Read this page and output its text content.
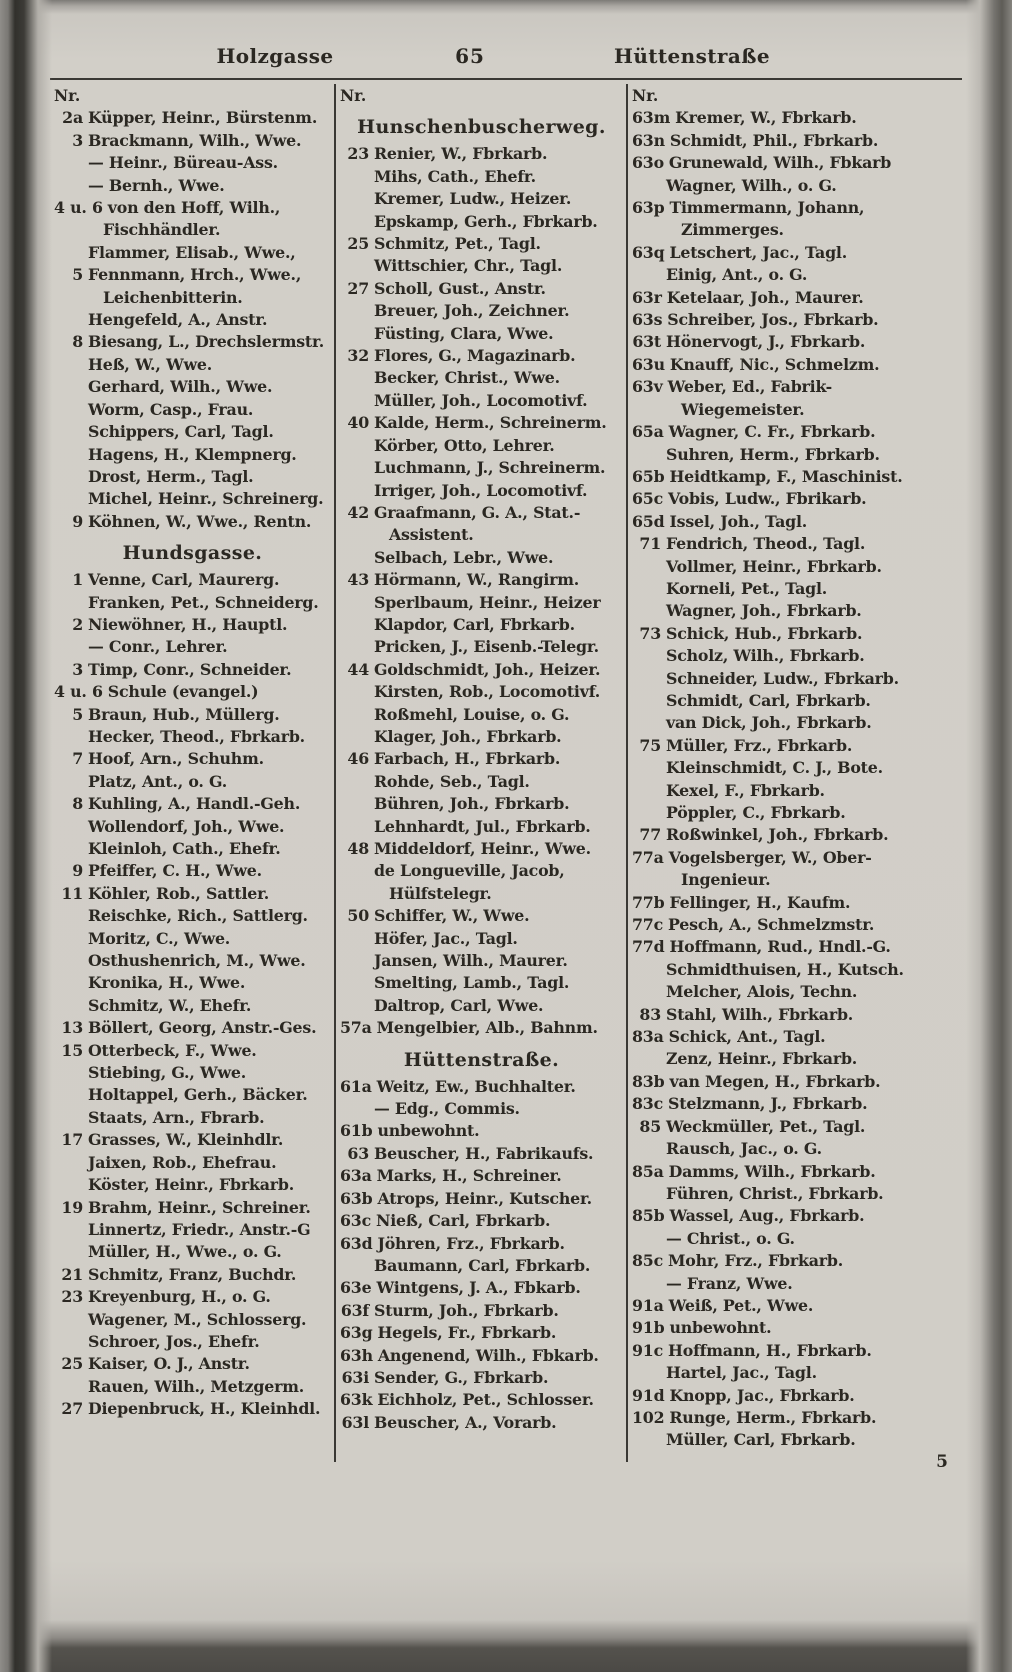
Holzgasse	65	Hüttenstraße
Nr.
2a Küpper, Heinr., Bürstenm.
3 Brackmann, Wilh., Wwe.
— Heinr., Büreau-Ass.
— Bernh., Wwe.
4 u. 6 von den Hoff, Wilh.,
Fischhändler.
Flammer, Elisab., Wwe.,
5 Fennmann, Hrch., Wwe.,
Leichenbitterin.
Hengefeld, A., Anstr.
8 Biesang, L., Drechslermstr.
Heß, W., Wwe.
Gerhard, Wilh., Wwe.
Worm, Casp., Frau.
Schippers, Carl, Tagl.
Hagens, H., Klempnerg.
Drost, Herm., Tagl.
Michel, Heinr., Schreinerg.
9 Köhnen, W., Wwe., Rentn.
Hundsgasse.
1 Venne, Carl, Maurerg.
Franken, Pet., Schneiderg.
2 Niewöhner, H., Hauptl.
— Conr., Lehrer.
3 Timp, Conr., Schneider.
4 u. 6 Schule (evangel.)
5 Braun, Hub., Müllerg.
Hecker, Theod., Fbrkarb.
7 Hoof, Arn., Schuhm.
Platz, Ant., o. G.
8 Kuhling, A., Handl.-Geh.
Wollendorf, Joh., Wwe.
Kleinloh, Cath., Ehefr.
9 Pfeiffer, C. H., Wwe.
11 Köhler, Rob., Sattler.
Reischke, Rich., Sattlerg.
Moritz, C., Wwe.
Osthushenrich, M., Wwe.
Kronika, H., Wwe.
Schmitz, W., Ehefr.
13 Böllert, Georg, Anstr.-Ges.
15 Otterbeck, F., Wwe.
Stiebing, G., Wwe.
Holtappel, Gerh., Bäcker.
Staats, Arn., Fbrarb.
17 Grasses, W., Kleinhdlr.
Jaixen, Rob., Ehefrau.
Köster, Heinr., Fbrkarb.
19 Brahm, Heinr., Schreiner.
Linnertz, Friedr., Anstr.-G
Müller, H., Wwe., o. G.
21 Schmitz, Franz, Buchdr.
23 Kreyenburg, H., o. G.
Wagener, M., Schlosserg.
Schroer, Jos., Ehefr.
25 Kaiser, O. J., Anstr.
Rauen, Wilh., Metzgerm.
27 Diepenbruck, H., Kleinhdl.
Nr.
Hunschenbuscherweg.
23 Renier, W., Fbrkarb.
Mihs, Cath., Ehefr.
Kremer, Ludw., Heizer.
Epskamp, Gerh., Fbrkarb.
25 Schmitz, Pet., Tagl.
Wittschier, Chr., Tagl.
27 Scholl, Gust., Anstr.
Breuer, Joh., Zeichner.
Füsting, Clara, Wwe.
32 Flores, G., Magazinarb.
Becker, Christ., Wwe.
Müller, Joh., Locomotivf.
40 Kalde, Herm., Schreinerm.
Körber, Otto, Lehrer.
Luchmann, J., Schreinerm.
Irriger, Joh., Locomotivf.
42 Graafmann, G. A., Stat.-
Assistent.
Selbach, Lebr., Wwe.
43 Hörmann, W., Rangirm.
Sperlbaum, Heinr., Heizer
Klapdor, Carl, Fbrkarb.
Pricken, J., Eisenb.-Telegr.
44 Goldschmidt, Joh., Heizer.
Kirsten, Rob., Locomotivf.
Roßmehl, Louise, o. G.
Klager, Joh., Fbrkarb.
46 Farbach, H., Fbrkarb.
Rohde, Seb., Tagl.
Bühren, Joh., Fbrkarb.
Lehnhardt, Jul., Fbrkarb.
48 Middeldorf, Heinr., Wwe.
de Longueville, Jacob,
Hülfstelegr.
50 Schiffer, W., Wwe.
Höfer, Jac., Tagl.
Jansen, Wilh., Maurer.
Smelting, Lamb., Tagl.
Daltrop, Carl, Wwe.
57a Mengelbier, Alb., Bahnm.
Hüttenstraße.
61a Weitz, Ew., Buchhalter.
— Edg., Commis.
61b unbewohnt.
63 Beuscher, H., Fabrikaufs.
63a Marks, H., Schreiner.
63b Atrops, Heinr., Kutscher.
63c Nieß, Carl, Fbrkarb.
63d Jöhren, Frz., Fbrkarb.
Baumann, Carl, Fbrkarb.
63e Wintgens, J. A., Fbkarb.
63f Sturm, Joh., Fbrkarb.
63g Hegels, Fr., Fbrkarb.
63h Angenend, Wilh., Fbkarb.
63i Sender, G., Fbrkarb.
63k Eichholz, Pet., Schlosser.
63l Beuscher, A., Vorarb.
Nr.
63m Kremer, W., Fbrkarb.
63n Schmidt, Phil., Fbrkarb.
63o Grunewald, Wilh., Fbkarb
Wagner, Wilh., o. G.
63p Timmermann, Johann,
Zimmerges.
63q Letschert, Jac., Tagl.
Einig, Ant., o. G.
63r Ketelaar, Joh., Maurer.
63s Schreiber, Jos., Fbrkarb.
63t Hönervogt, J., Fbrkarb.
63u Knauff, Nic., Schmelzm.
63v Weber, Ed., Fabrik-
Wiegemeister.
65a Wagner, C. Fr., Fbrkarb.
Suhren, Herm., Fbrkarb.
65b Heidtkamp, F., Maschinist.
65c Vobis, Ludw., Fbrikarb.
65d Issel, Joh., Tagl.
71 Fendrich, Theod., Tagl.
Vollmer, Heinr., Fbrkarb.
Korneli, Pet., Tagl.
Wagner, Joh., Fbrkarb.
73 Schick, Hub., Fbrkarb.
Scholz, Wilh., Fbrkarb.
Schneider, Ludw., Fbrkarb.
Schmidt, Carl, Fbrkarb.
van Dick, Joh., Fbrkarb.
75 Müller, Frz., Fbrkarb.
Kleinschmidt, C. J., Bote.
Kexel, F., Fbrkarb.
Pöppler, C., Fbrkarb.
77 Roßwinkel, Joh., Fbrkarb.
77a Vogelsberger, W., Ober-
Ingenieur.
77b Fellinger, H., Kaufm.
77c Pesch, A., Schmelzmstr.
77d Hoffmann, Rud., Hndl.-G.
Schmidthuisen, H., Kutsch.
Melcher, Alois, Techn.
83 Stahl, Wilh., Fbrkarb.
83a Schick, Ant., Tagl.
Zenz, Heinr., Fbrkarb.
83b van Megen, H., Fbrkarb.
83c Stelzmann, J., Fbrkarb.
85 Weckmüller, Pet., Tagl.
Rausch, Jac., o. G.
85a Damms, Wilh., Fbrkarb.
Führen, Christ., Fbrkarb.
85b Wassel, Aug., Fbrkarb.
— Christ., o. G.
85c Mohr, Frz., Fbrkarb.
— Franz, Wwe.
91a Weiß, Pet., Wwe.
91b unbewohnt.
91c Hoffmann, H., Fbrkarb.
Hartel, Jac., Tagl.
91d Knopp, Jac., Fbrkarb.
102 Runge, Herm., Fbrkarb.
Müller, Carl, Fbrkarb.
5
